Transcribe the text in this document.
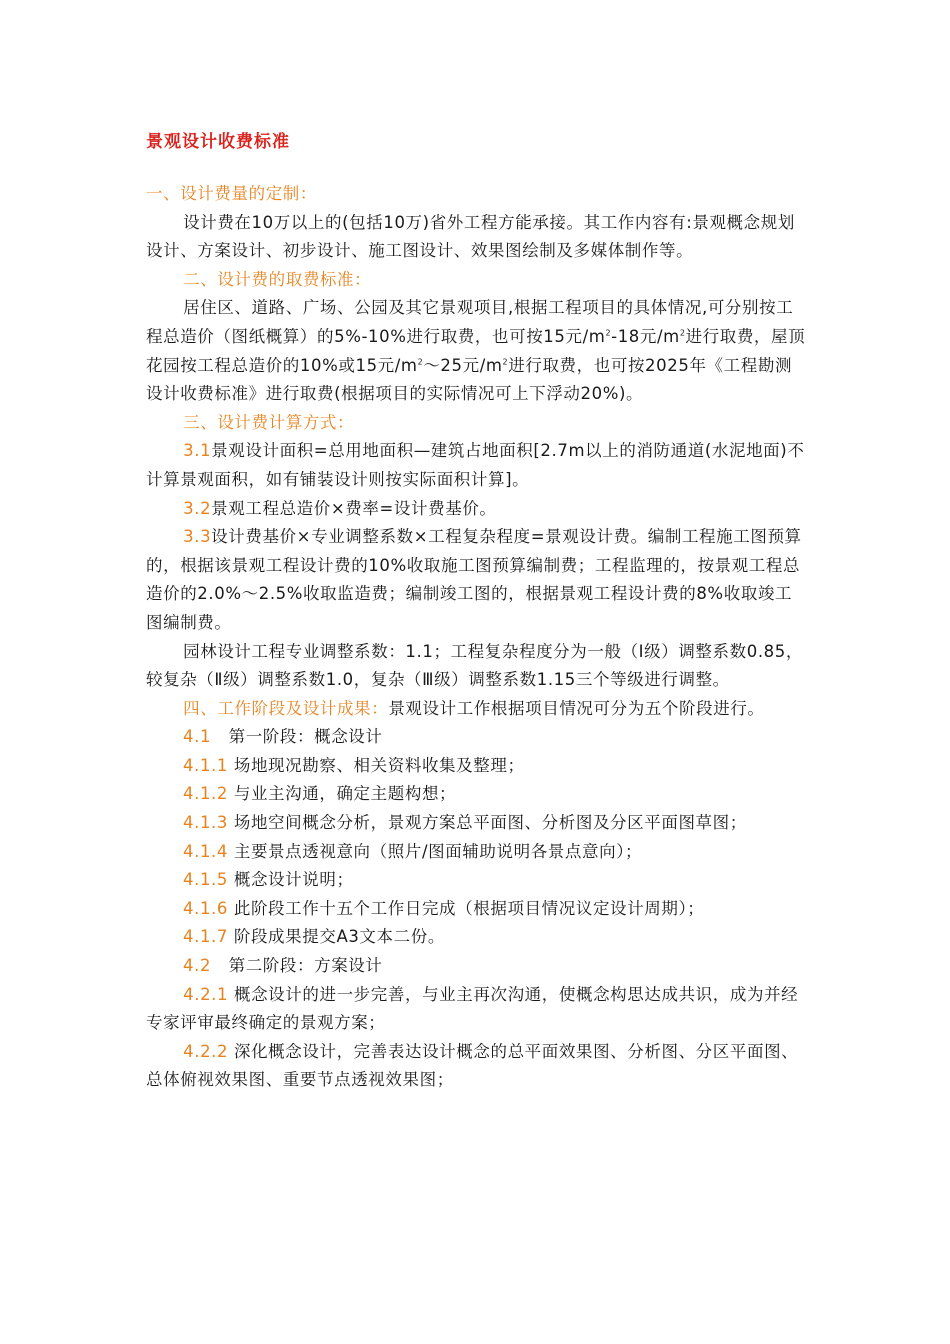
景观设计收费标准

一、设计费量的定制：

设计费在10万以上的(包括10万)省外工程方能承接。其工作内容有:景观概念规划设计、方案设计、初步设计、施工图设计、效果图绘制及多媒体制作等。

二、设计费的取费标准：

居住区、道路、广场、公园及其它景观项目,根据工程项目的具体情况,可分别按工程总造价（图纸概算）的5%-10%进行取费，也可按15元$/m^2-18$元$/m^2$进行取费，屋顶花园按工程总造价的10%或15元$/m^2\sim 25$元$/m^2$进行取费，也可按2025年《工程勘测设计收费标准》进行取费(根据项目的实际情况可上下浮动20%)。

三、设计费计算方式：

3.1景观设计面积=总用地面积—建筑占地面积[2.7m以上的消防通道(水泥地面)不计算景观面积，如有铺装设计则按实际面积计算]。

3.2景观工程总造价×费率=设计费基价。

3.3设计费基价×专业调整系数×工程复杂程度=景观设计费。编制工程施工图预算的，根据该景观工程设计费的10%收取施工图预算编制费；工程监理的，按景观工程总造价的2.0%～2.5%收取监造费；编制竣工图的，根据景观工程设计费的8%收取竣工图编制费。

园林设计工程专业调整系数：1.1；工程复杂程度分为一般（Ⅰ级）调整系数0.85，较复杂（Ⅱ级）调整系数1.0，复杂（Ⅲ级）调整系数1.15三个等级进行调整。

四、工作阶段及设计成果：景观设计工作根据项目情况可分为五个阶段进行。

4.1 第一阶段：概念设计

4.1.1 场地现况勘察、相关资料收集及整理；

4.1.2 与业主沟通，确定主题构想；

4.1.3 场地空间概念分析，景观方案总平面图、分析图及分区平面图草图；

4.1.4 主要景点透视意向（照片/图面辅助说明各景点意向）；

4.1.5 概念设计说明；

4.1.6 此阶段工作十五个工作日完成（根据项目情况议定设计周期）；

4.1.7 阶段成果提交A3文本二份。

4.2 第二阶段：方案设计

4.2.1 概念设计的进一步完善，与业主再次沟通，使概念构思达成共识，成为并经专家评审最终确定的景观方案；

4.2.2 深化概念设计，完善表达设计概念的总平面效果图、分析图、分区平面图、总体俯视效果图、重要节点透视效果图；
